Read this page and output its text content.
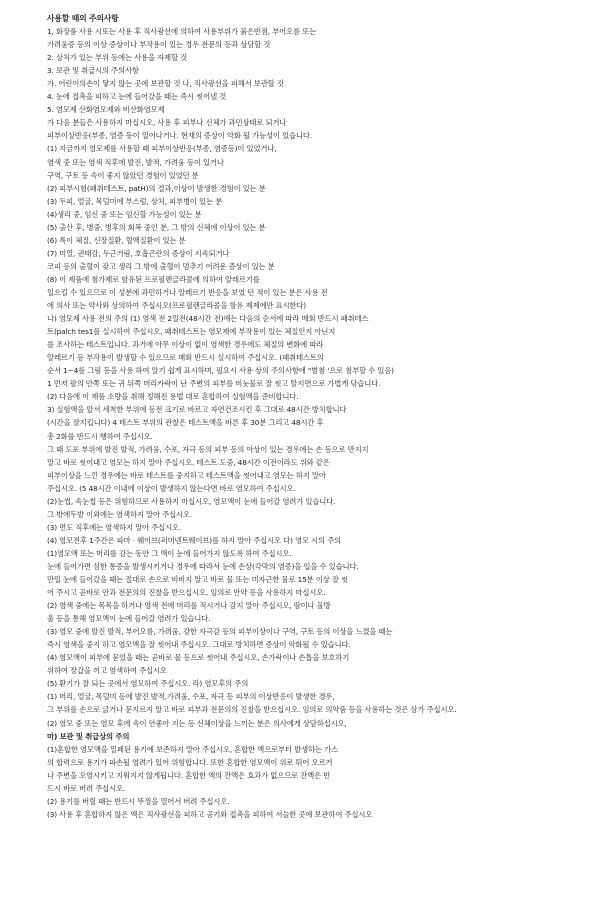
사용할 때의 주의사항
1, 화장품 사용 시또는 사용 후 직사광선에 의하여 사용부위가 붉은반점, 부어오름 또는
가려움증 등의 이상 증상이나 부작용이 있는 경우 전문의 등과 상담할 것
2. 상처가 있는 부위 등에는 사용을 자제할 것
3. 보관 및 취급시의 주의사항
가. 어린이의손이 닿지 않는 곳에 보관할 것 나, 직사광선을 피해서 보관할 것
4. 눈에 접촉을 피하고 눈에 들어갔을 때는 즉시 씻어낼 것
5. 염모제 산화염모제와 비산화염모제
가 다음 분들은 사용하지 마십시오, 사용 후 피부나 신체가 과민상태로 되거나
피부이상반응(부종, 염증 등이 일어나거나. 현재의 증상이 악화 될 가능성이 있습니다.
(1) 지금까지 염모제를 사용할 때 피부이상반응(부종, 염증등)이 있었거나,
염색 중 또는 염색 직후에 발진, 발적, 가려움 등이 있거나
구역, 구토 등 속이 좋지 않았던 경험이 있었던 분
(2) 피부시험(패취테스트, patH)의 결과,이상이 발생한 경험이 있는 분
(3) 두피, 얼굴, 목덜미에 부스럼, 상처, 피부병이 있는 분
(4)생리 중, 임신 중 또는 임신할 가능성이 있는 분
(5) 출산 후, 병중, 병후의 회복 중인 분, 그 밖의 신체에 이상이 있는 분
(6) 특이 체질, 신장질환, 혈액질환이 있는 분
(7) 미열, 권태감, 두근거림, 호흡곤란의 증상이 지속되거나
코피 등의 출혈이 잦고 생리 그 밖에 출혈이 멈추기 어려운 증상이 있는 분
(8) 이 제품에 첨가제로 함유된 프로필렌글라콜에 의하여 알레르기를
일으킬 수 있으므로 이 성분에 과민하거나 알레르기 반응을 보였 던 적이 있는 분은 사용 전
에 의사 또는 약사와 상의하여 주십시오(프로필렌글라콜을 함유 제제에만 표시한다)
나) 염모제 사용 전의 주의 (1) 염색 전 2일전(48시간 전)에는 다음의 순서에 따라 매회 반드시 패취테스
트(palch tes1를 실시하여 주십시오, 패취테스트는 염모제에 부작용이 있는 체질인지 아닌지
를 조사하는 테스트입니다. 과거에 아무 이상이 없이 염색한 경우에도 체질의 변화에 따라
알레르기 등 부작용이 발생할 수 있으므로 매회 반드시 실시하여 주십시오. (패취테스트의
순서 1~4를 그림 등을 사용 하여 알기 쉽게 표시하며, 필요시 사용 상의 주의사항에 "별첨 '으로 첨부할 수 있음)
1 먼저 팔의 안쪽 또는 귀 뒤쪽 머리카락이 난 주변의 피부를 비눗물로 잘 씻고 탈지면으로 가볍게 닦습니다.
(2) 다음에 이 제품 소량을 취해 정해진 용법 대로 혼합하여 실험액을 준비합니다.
3) 실험액을 앞서 세척한 부위에 동전 크기로 바르고 자연건조시킨 후 그대로 48시간 방치합니다
(시간을 잘지킵니다) 4 테스트 부위의 관찰은 테스트액을 바른 후 30분 그리고 48시간 후
총 2화를 반드시 행하여 주십시오.
그 때 도포 부위에 발진 발적, 가려움, 수포, 자극 등의 피부 등의 아상이 있는 경우에는 손 등으로 만지지
말고 바로 씻어내고 염모는 하지 말아 주십시오. 테스트 도중, 48시간 이전이라도 위와 같은
피부이상을 느낀 경우에는 바로 테스트를 중지하고 테스트액을 씻어내고 염모는 하지 말아
주십시오. (5 48시간 이내에 이상이 발생하지 않는다면 바로 염모하여 주십시오.
(2)눈썹, 속눈썹 등은 위험하므로 사용하지 마십시오, 염모액이 눈에 들어갈 염려가 있습니다.
그 밖에두발 이외에는 염색하지 말아 주십시오.
(3) 면도 직후에는 염색하지 말아 주십시오.
(4) 염모전후 1주간은 파마 · 웨이브(퍼머넨트웨이브)를 하지 말아 주십시오 다) 영모 시의 주의
(1)염모액 또는 머리를 감는 동안 그 액이 눈에 들어가지 않도록 하여 주십시오.
눈에 들어가면 심한 통증을 발생시키거나 경우에 따라서 눈에 손상(각막의 염증)을 입을 수 있습니다.
만일 눈에 들어갔을 때는 절대로 손으로 비비지 말고 바로 물 또는 미자근한 물로 15분 이상 잘 씻
어 주시고 곧바로 안과 전문의의 진찰을 받으십시오, 임의로 안약 등을 사용하지 마십시오.
(2) 염색 중에는 목목을 하거나 염색 전에 머리를 적시거나 감지 말아 주십시오, 땀이나 물방
울 등을 통해 염모액이 눈에 들어갈 염려가 있습니다.
(3) 염모 중에 발진 발적, 부어오름, 가려움, 강한 자극감 등의 피부이상이나 구역, 구토 등의 이상을 느꼈을 때는
즉시 염색을 중지 하고 염모액을 잘 씻어내 주십시오. 그대로 방치하면 증상이 악화될 수 있습니다.
(4) 염모액이 피부에 묻었을 때는 곧바로 물 등으로 씻어내 주십시오, 손가락이나 손톱을 보호하기
위하여 장갑을 끼고 염색하여 주십시오
(5) 환기가 잘 되는 곳에서 염모하여 주십시오. 라) 염모후의 주의
(1) 머리, 얼굴, 목덜미 등에 발진 발적,가려움, 수포, 자극 등 피부의 이상반응이 발생한 경우,
그 부위를 손으로 긁거나 문지르지 말고 바로 피부과 전문의의 진찰을 받으십시오. 임의로 의약품 등을 사용하는 것은 삼가 주십시오.
(2) 염모 중 또는 염모 후에 속이 안좋아 지는 등 신체이상을 느끼는 분은 의사에게 상담하십시오,
마) 보관 및 취급상의 주의
(1)혼합한 염모액을 밀폐된 용기에 보존하지 말아 주십시오, 혼합한 액으로부터 발생하는 가스
의 합력으로 용기가 파손될 염려가 있어 위험합니다. 또한 혼합한 염모액이 위로 튀어 오르거
나 주변을 오염시키고 지워지지 않게됩니다. 혼합한 액의 잔액은 효과가 없으므로 잔액은 반
드시 바로 버려 주십시오.
(2) 용기를 버릴 때는 반드시 뚜껑을 열어서 버려 주십시오.
(3) 사용 후 혼합하지 않은 액은 직사광선을 피하고 공기와 접촉을 피하여 서늘한 곳에 보관하여 주십시오
